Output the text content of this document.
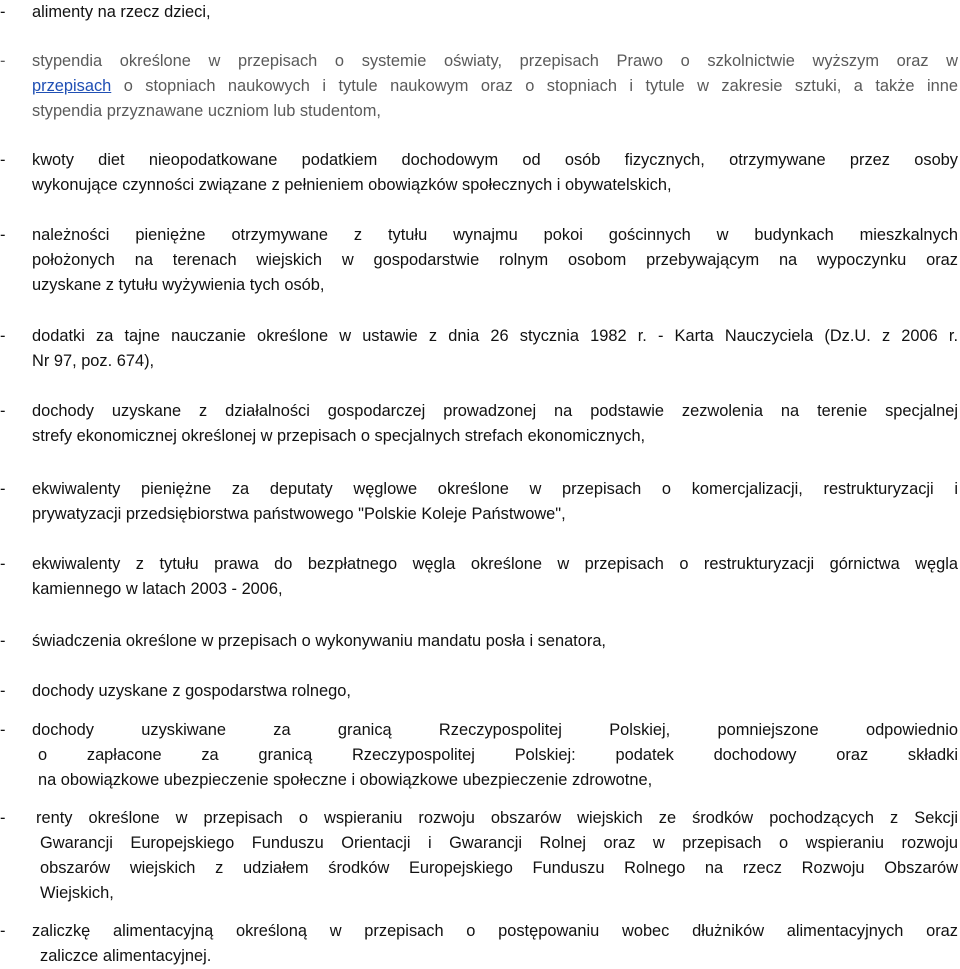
- alimenty na rzecz dzieci,
- stypendia określone w przepisach o systemie oświaty, przepisach Prawo o szkolnictwie wyższym oraz w
przepisach o stopniach naukowych i tytule naukowym oraz o stopniach i tytule w zakresie sztuki, a także inne
stypendia przyznawane uczniom lub studentom,
- kwoty diet nieopodatkowane podatkiem dochodowym od osób fizycznych, otrzymywane przez osoby
wykonujące czynności związane z pełnieniem obowiązków społecznych i obywatelskich,
- należności pieniężne otrzymywane z tytułu wynajmu pokoi gościnnych w budynkach mieszkalnych
położonych na terenach wiejskich w gospodarstwie rolnym osobom przebywającym na wypoczynku oraz
uzyskane z tytułu wyżywienia tych osób,
- dodatki za tajne nauczanie określone w ustawie z dnia 26 stycznia 1982 r. - Karta Nauczyciela (Dz.U. z 2006 r.
Nr 97, poz. 674),
- dochody uzyskane z działalności gospodarczej prowadzonej na podstawie zezwolenia na terenie specjalnej
strefy ekonomicznej określonej w przepisach o specjalnych strefach ekonomicznych,
- ekwiwalenty pieniężne za deputaty węglowe określone w przepisach o komercjalizacji, restrukturyzacji i
prywatyzacji przedsiębiorstwa państwowego "Polskie Koleje Państwowe",
- ekwiwalenty z tytułu prawa do bezpłatnego węgla określone w przepisach o restrukturyzacji górnictwa węgla
kamiennego w latach 2003 - 2006,
- świadczenia określone w przepisach o wykonywaniu mandatu posła i senatora,
- dochody uzyskane z gospodarstwa rolnego,
- dochody uzyskiwane za granicą Rzeczypospolitej Polskiej, pomniejszone odpowiednio
o zapłacone za granicą Rzeczypospolitej Polskiej: podatek dochodowy oraz składki
na obowiązkowe ubezpieczenie społeczne i obowiązkowe ubezpieczenie zdrowotne,
- renty określone w przepisach o wspieraniu rozwoju obszarów wiejskich ze środków pochodzących z Sekcji
Gwarancji Europejskiego Funduszu Orientacji i Gwarancji Rolnej oraz w przepisach o wspieraniu rozwoju
obszarów wiejskich z udziałem środków Europejskiego Funduszu Rolnego na rzecz Rozwoju Obszarów
Wiejskich,
- zaliczkę alimentacyjną określoną w przepisach o postępowaniu wobec dłużników alimentacyjnych oraz
zaliczce alimentacyjnej.
